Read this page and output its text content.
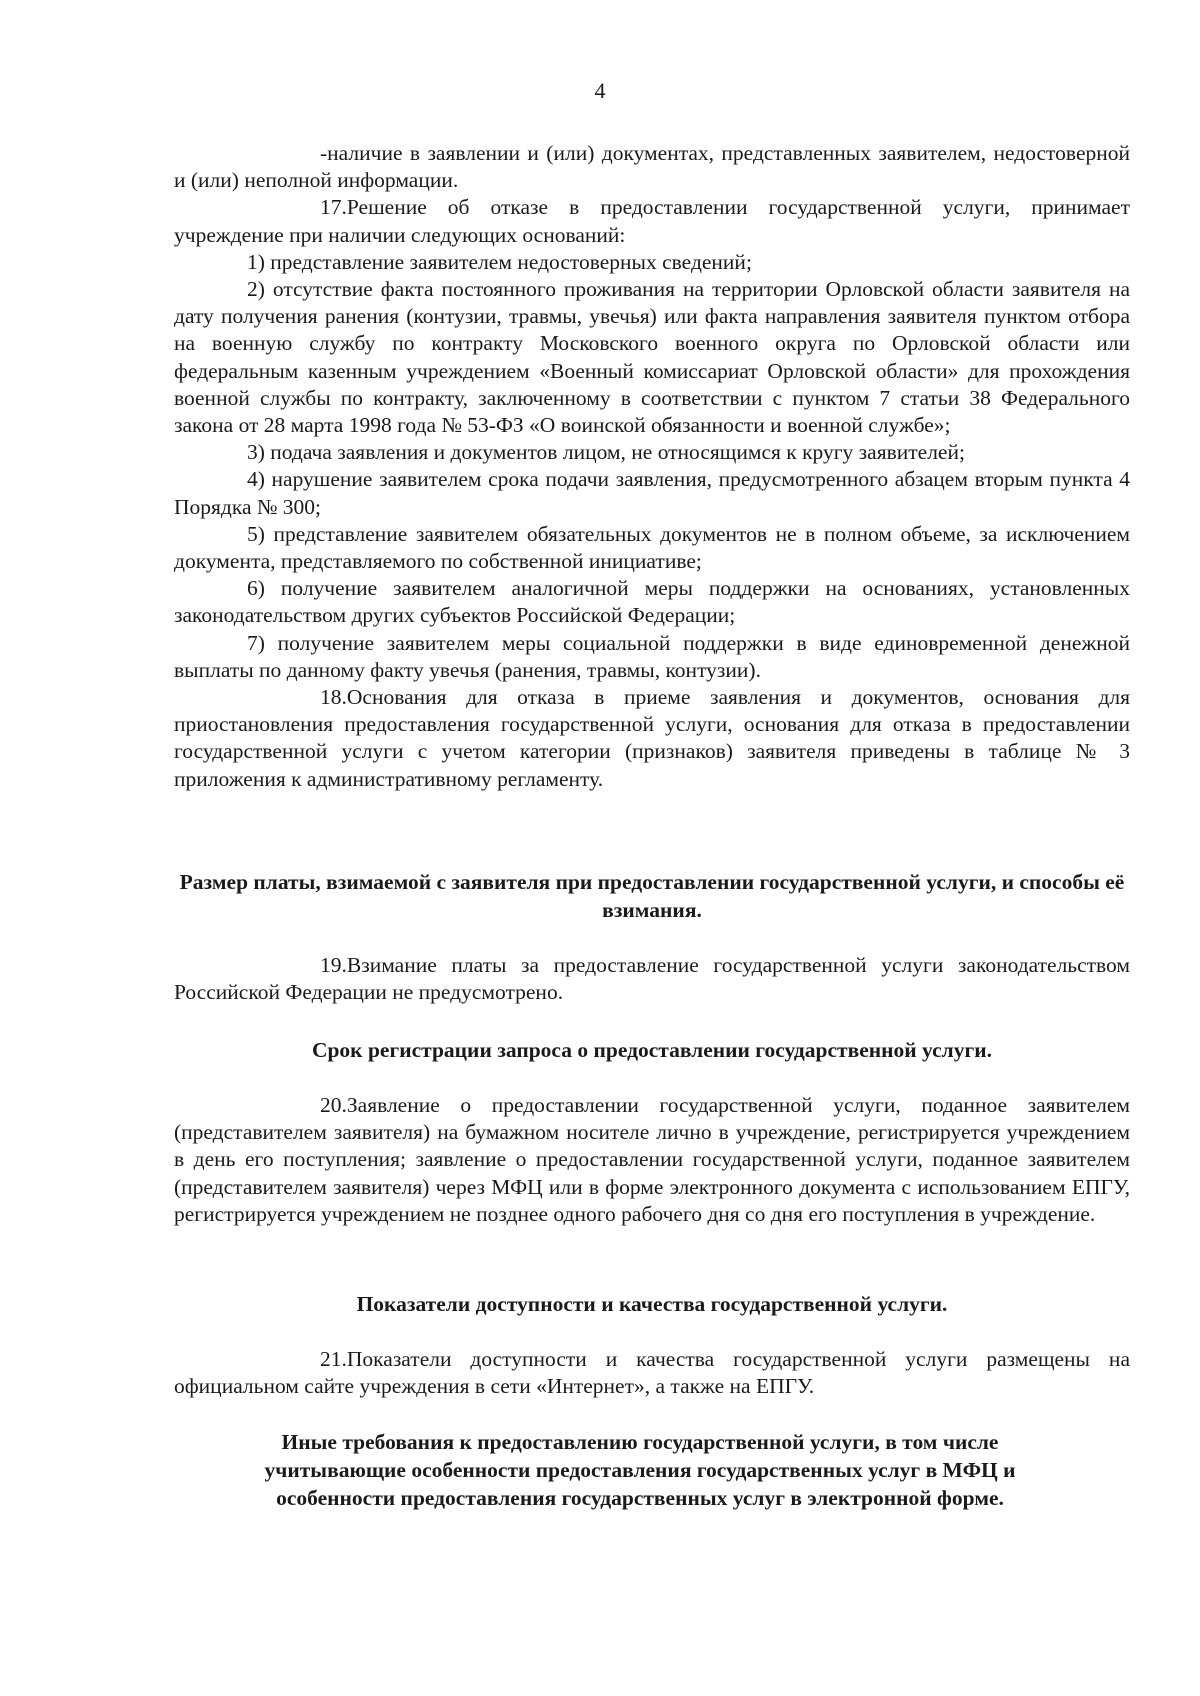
4

-наличие в заявлении и (или) документах, представленных заявителем, недостоверной и (или) неполной информации.

17.Решение об отказе в предоставлении государственной услуги, принимает учреждение при наличии следующих оснований:

1) представление заявителем недостоверных сведений;

2) отсутствие факта постоянного проживания на территории Орловской области заявителя на дату получения ранения (контузии, травмы, увечья) или факта направления заявителя пунктом отбора на военную службу по контракту Московского военного округа по Орловской области или федеральным казенным учреждением «Военный комиссариат Орловской области» для прохождения военной службы по контракту, заключенному в соответствии с пунктом 7 статьи 38 Федерального закона от 28 марта 1998 года № 53-ФЗ «О воинской обязанности и военной службе»;

3) подача заявления и документов лицом, не относящимся к кругу заявителей;

4) нарушение заявителем срока подачи заявления, предусмотренного абзацем вторым пункта 4 Порядка № 300;

5) представление заявителем обязательных документов не в полном объеме, за исключением документа, представляемого по собственной инициативе;

6) получение заявителем аналогичной меры поддержки на основаниях, установленных законодательством других субъектов Российской Федерации;

7) получение заявителем меры социальной поддержки в виде единовременной денежной выплаты по данному факту увечья (ранения, травмы, контузии).

18.Основания для отказа в приеме заявления и документов, основания для приостановления предоставления государственной услуги, основания для отказа в предоставлении государственной услуги с учетом категории (признаков) заявителя приведены в таблице № 3 приложения к административному регламенту.

Размер платы, взимаемой с заявителя при предоставлении государственной услуги, и способы её взимания.

19.Взимание платы за предоставление государственной услуги законодательством Российской Федерации не предусмотрено.

Срок регистрации запроса о предоставлении государственной услуги.

20.Заявление о предоставлении государственной услуги, поданное заявителем (представителем заявителя) на бумажном носителе лично в учреждение, регистрируется учреждением в день его поступления; заявление о предоставлении государственной услуги, поданное заявителем (представителем заявителя) через МФЦ или в форме электронного документа с использованием ЕПГУ, регистрируется учреждением не позднее одного рабочего дня со дня его поступления в учреждение.

Показатели доступности и качества государственной услуги.

21.Показатели доступности и качества государственной услуги размещены на официальном сайте учреждения в сети «Интернет», а также на ЕПГУ.

Иные требования к предоставлению государственной услуги, в том числе учитывающие особенности предоставления государственных услуг в МФЦ и особенности предоставления государственных услуг в электронной форме.
